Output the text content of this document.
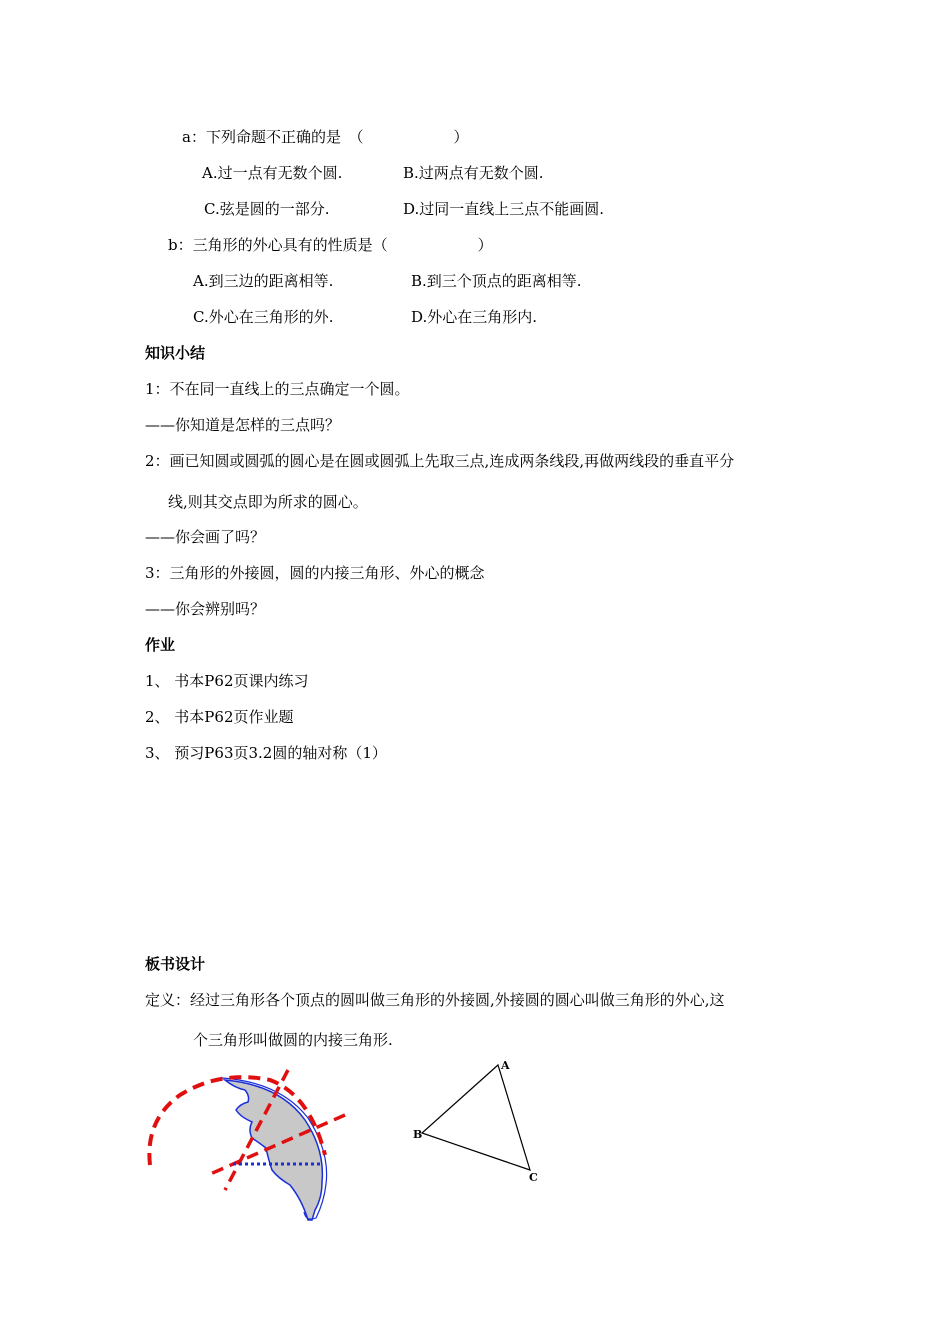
a：下列命题不正确的是　（　　　　　　）
A.过一点有无数个圆.	B.过两点有无数个圆.
C.弦是圆的一部分.	D.过同一直线上三点不能画圆.
b：三角形的外心具有的性质是（　　　　　　）
A.到三边的距离相等.	B.到三个顶点的距离相等.
C.外心在三角形的外.	D.外心在三角形内.
知识小结
1：不在同一直线上的三点确定一个圆。
——你知道是怎样的三点吗？
2：画已知圆或圆弧的圆心是在圆或圆弧上先取三点,连成两条线段,再做两线段的垂直平分
线,则其交点即为所求的圆心。
——你会画了吗？
3：三角形的外接圆，圆的内接三角形、外心的概念
——你会辨别吗？
作业
1、 书本P62页课内练习
2、 书本P62页作业题
3、 预习P63页3.2圆的轴对称（1）
板书设计
定义：经过三角形各个顶点的圆叫做三角形的外接圆,外接圆的圆心叫做三角形的外心,这
个三角形叫做圆的内接三角形.
A
B
C
